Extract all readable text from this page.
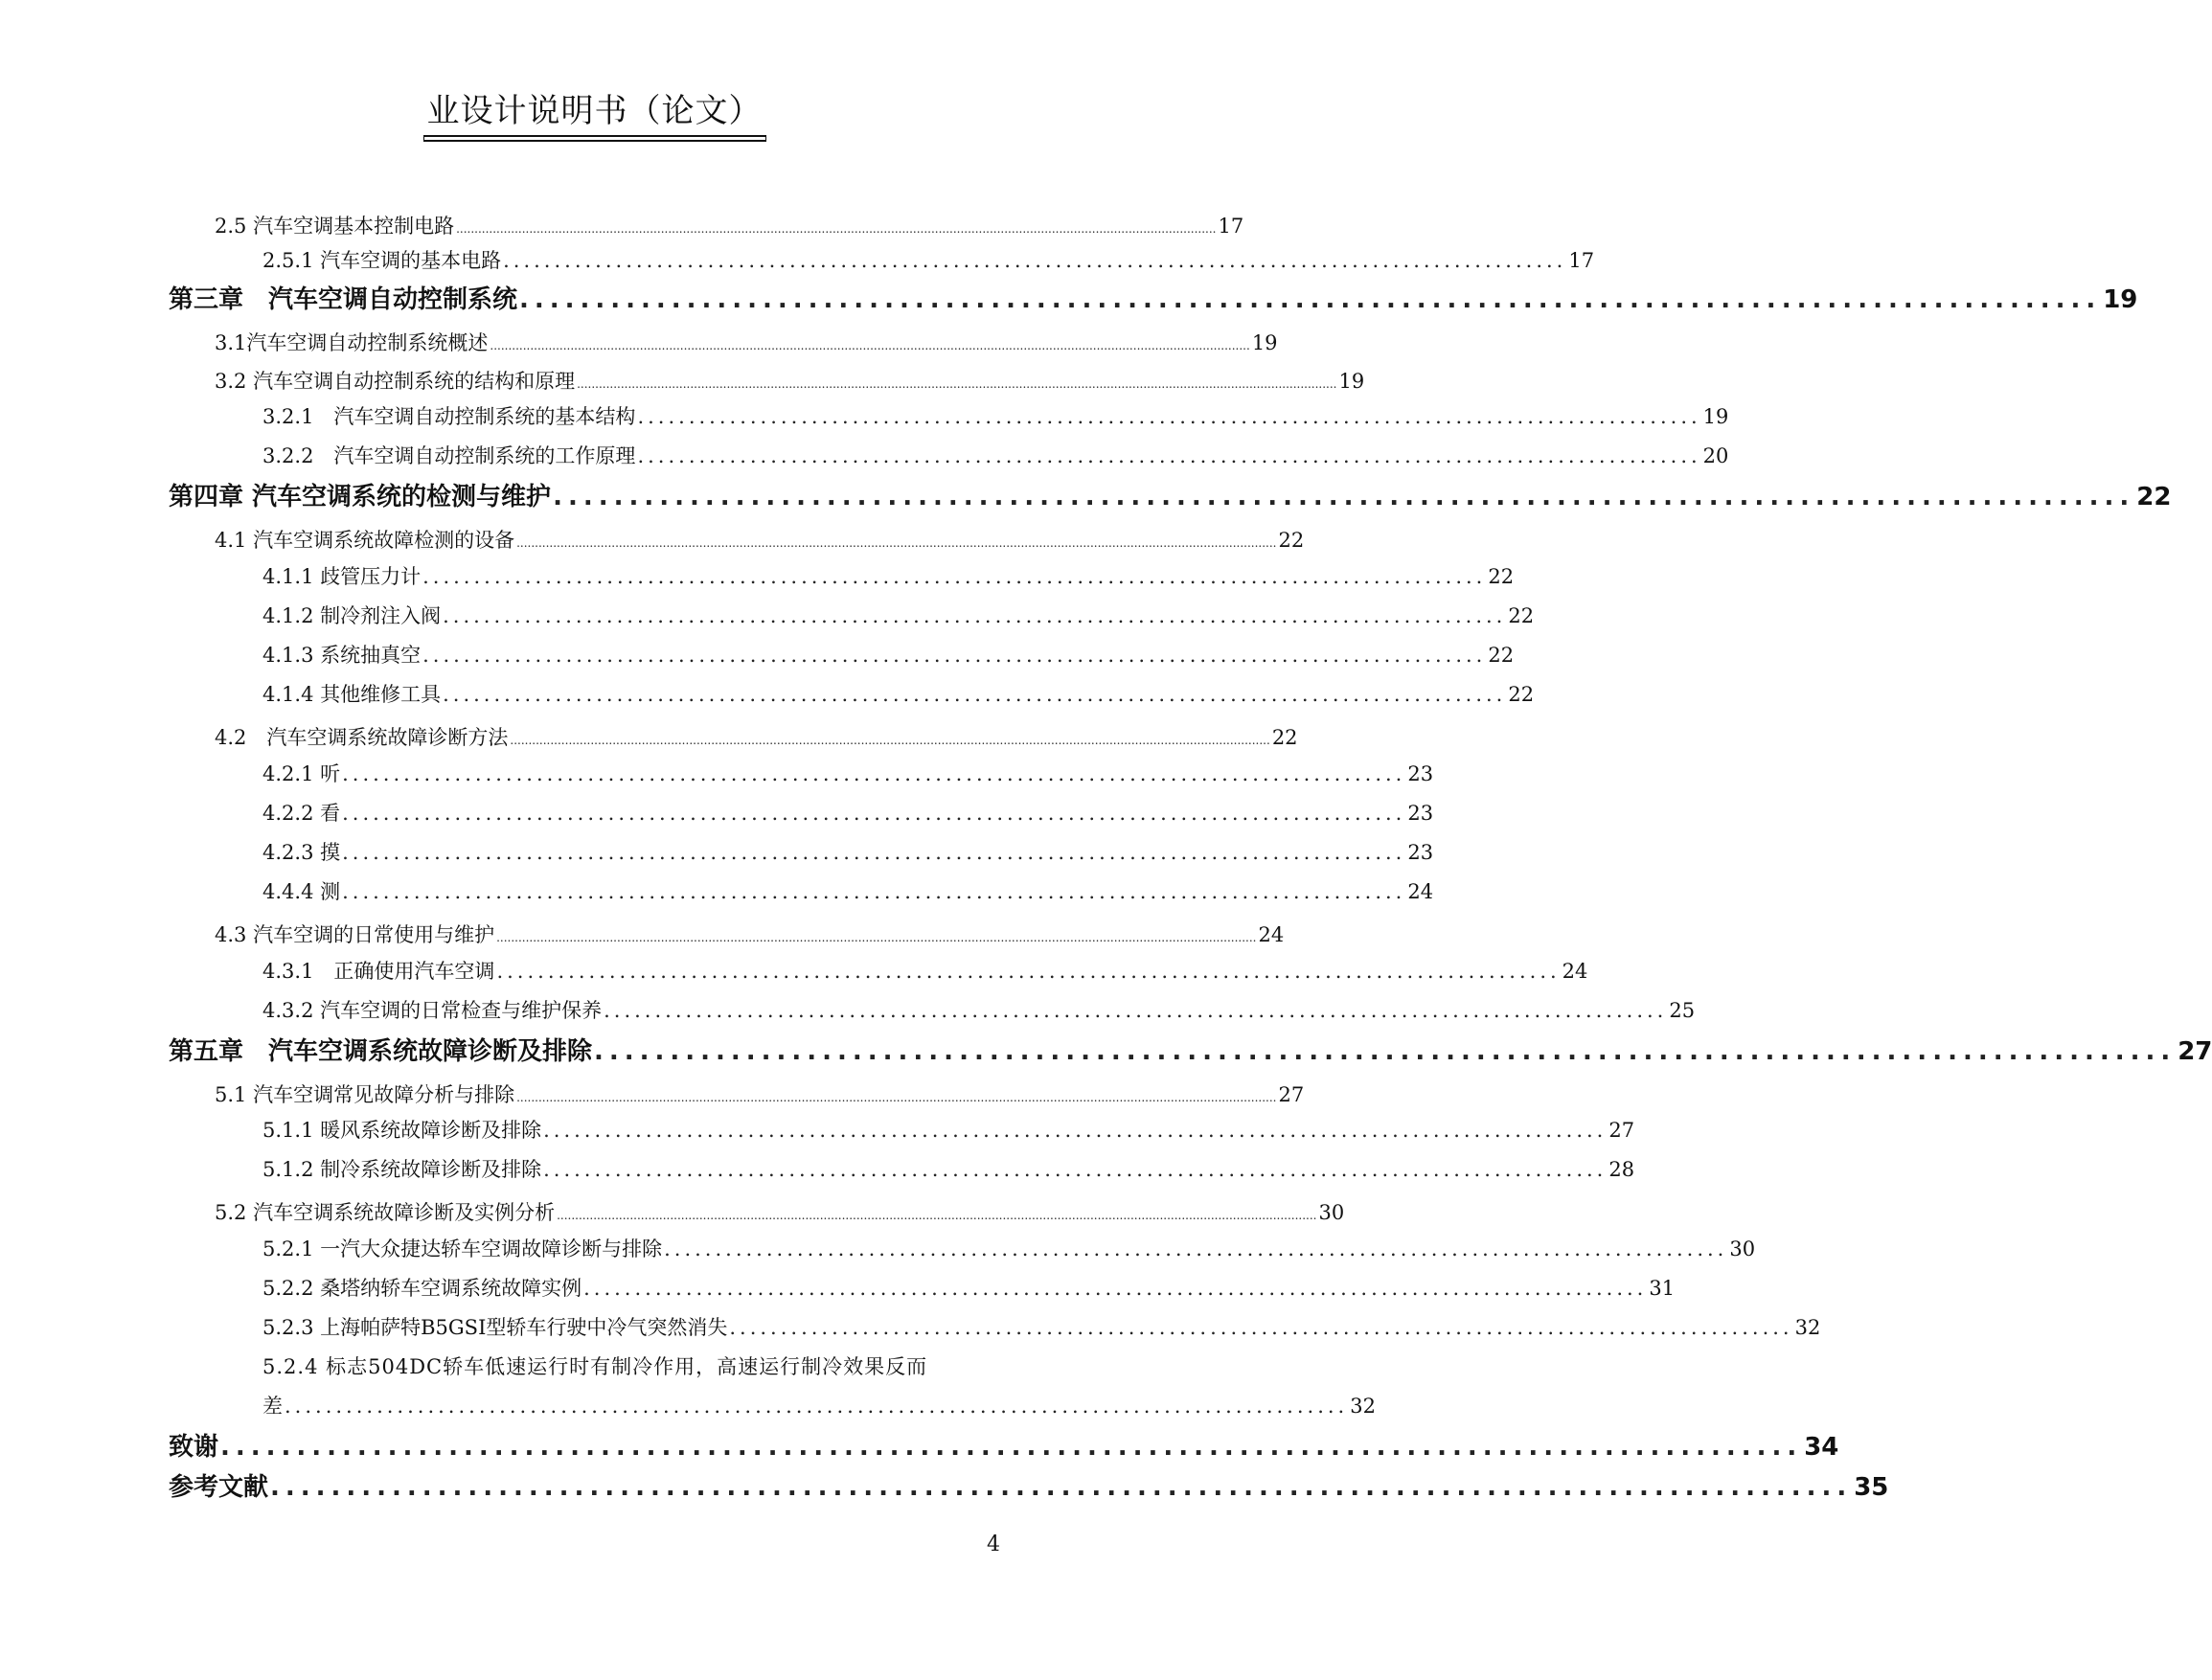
业设计说明书（论文）
2.5 汽车空调基本控制电路 ................................................................................................................................................................................................................ 17
2.5.1 汽车空调的基本电路 ........................................................................................................ 17
第三章　汽车空调自动控制系统 ........................................................................................................ 19
3.1汽车空调自动控制系统概述 ................................................................................................................................................................................................................ 19
3.2 汽车空调自动控制系统的结构和原理 ................................................................................................................................................................................................................ 19
3.2.1　汽车空调自动控制系统的基本结构 ........................................................................................................ 19
3.2.2　汽车空调自动控制系统的工作原理 ........................................................................................................ 20
第四章 汽车空调系统的检测与维护 ........................................................................................................ 22
4.1 汽车空调系统故障检测的设备 ................................................................................................................................................................................................................ 22
4.1.1 歧管压力计 ........................................................................................................ 22
4.1.2 制冷剂注入阀 ........................................................................................................ 22
4.1.3 系统抽真空 ........................................................................................................ 22
4.1.4 其他维修工具 ........................................................................................................ 22
4.2　汽车空调系统故障诊断方法 ................................................................................................................................................................................................................ 22
4.2.1 听 ........................................................................................................ 23
4.2.2 看 ........................................................................................................ 23
4.2.3 摸 ........................................................................................................ 23
4.4.4 测 ........................................................................................................ 24
4.3 汽车空调的日常使用与维护 ................................................................................................................................................................................................................ 24
4.3.1　正确使用汽车空调 ........................................................................................................ 24
4.3.2 汽车空调的日常检查与维护保养 ........................................................................................................ 25
第五章　汽车空调系统故障诊断及排除 ........................................................................................................ 27
5.1 汽车空调常见故障分析与排除 ................................................................................................................................................................................................................ 27
5.1.1 暖风系统故障诊断及排除 ........................................................................................................ 27
5.1.2 制冷系统故障诊断及排除 ........................................................................................................ 28
5.2 汽车空调系统故障诊断及实例分析 ................................................................................................................................................................................................................ 30
5.2.1 一汽大众捷达轿车空调故障诊断与排除 ........................................................................................................ 30
5.2.2 桑塔纳轿车空调系统故障实例 ........................................................................................................ 31
5.2.3 上海帕萨特B5GSI型轿车行驶中冷气突然消失 ........................................................................................................ 32
5.2.4 标志504DC轿车低速运行时有制冷作用，高速运行制冷效果反而
差 ........................................................................................................ 32
致谢 ........................................................................................................ 34
参考文献 ........................................................................................................ 35
4
